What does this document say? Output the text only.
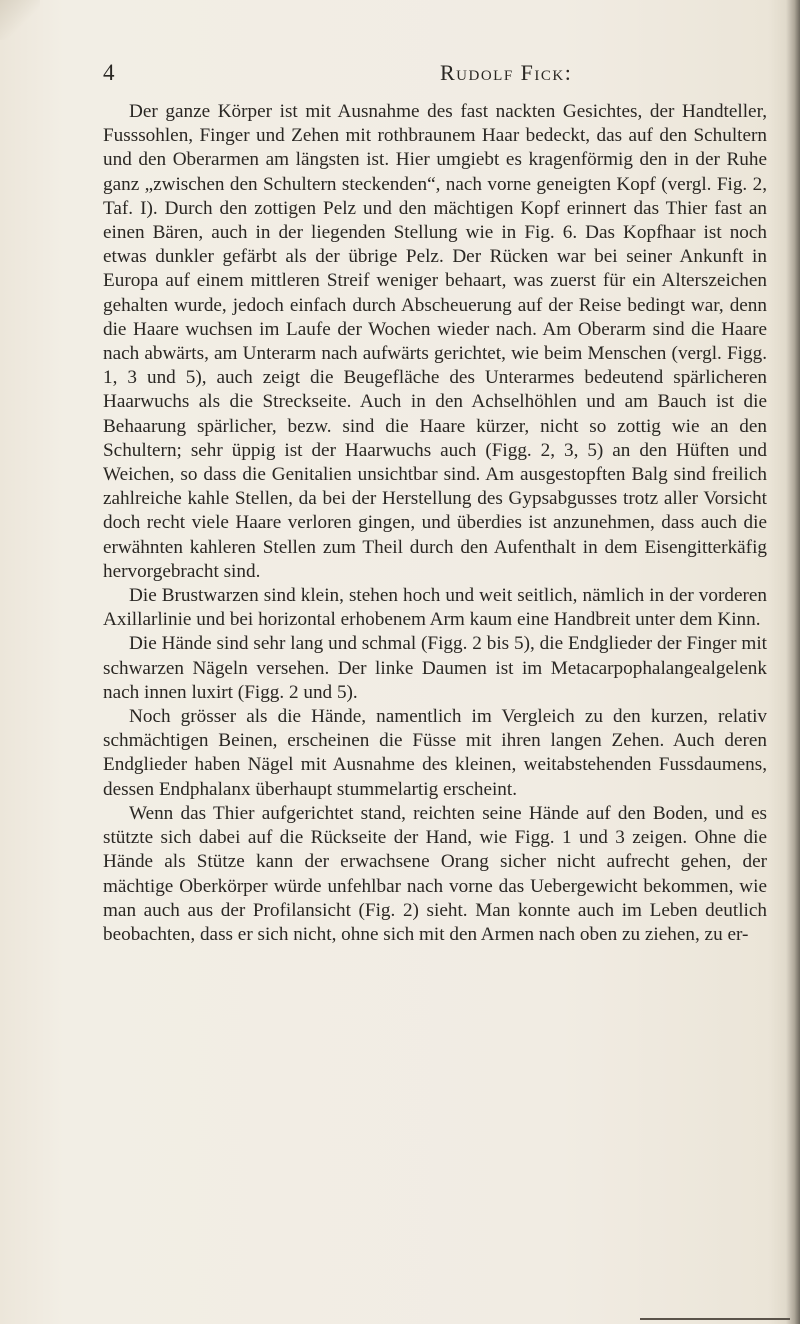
4	Rudolf Fick:

Der ganze Körper ist mit Ausnahme des fast nackten Gesichtes, der Handteller, Fusssohlen, Finger und Zehen mit rothbraunem Haar bedeckt, das auf den Schultern und den Oberarmen am längsten ist. Hier umgiebt es kragenförmig den in der Ruhe ganz „zwischen den Schultern steckenden“, nach vorne geneigten Kopf (vergl. Fig. 2, Taf. I). Durch den zottigen Pelz und den mächtigen Kopf erinnert das Thier fast an einen Bären, auch in der liegenden Stellung wie in Fig. 6. Das Kopfhaar ist noch etwas dunkler gefärbt als der übrige Pelz. Der Rücken war bei seiner Ankunft in Europa auf einem mittleren Streif weniger behaart, was zuerst für ein Alterszeichen gehalten wurde, jedoch einfach durch Abscheuerung auf der Reise bedingt war, denn die Haare wuchsen im Laufe der Wochen wieder nach. Am Oberarm sind die Haare nach abwärts, am Unterarm nach aufwärts gerichtet, wie beim Menschen (vergl. Figg. 1, 3 und 5), auch zeigt die Beugefläche des Unterarmes bedeutend spärlicheren Haarwuchs als die Streckseite. Auch in den Achselhöhlen und am Bauch ist die Behaarung spärlicher, bezw. sind die Haare kürzer, nicht so zottig wie an den Schultern; sehr üppig ist der Haarwuchs auch (Figg. 2, 3, 5) an den Hüften und Weichen, so dass die Genitalien unsichtbar sind. Am ausgestopften Balg sind freilich zahlreiche kahle Stellen, da bei der Herstellung des Gypsabgusses trotz aller Vorsicht doch recht viele Haare verloren gingen, und überdies ist anzunehmen, dass auch die erwähnten kahleren Stellen zum Theil durch den Aufenthalt in dem Eisengitterkäfig hervorgebracht sind.

Die Brustwarzen sind klein, stehen hoch und weit seitlich, nämlich in der vorderen Axillarlinie und bei horizontal erhobenem Arm kaum eine Handbreit unter dem Kinn.

Die Hände sind sehr lang und schmal (Figg. 2 bis 5), die Endglieder der Finger mit schwarzen Nägeln versehen. Der linke Daumen ist im Metacarpophalangealgelenk nach innen luxirt (Figg. 2 und 5).

Noch grösser als die Hände, namentlich im Vergleich zu den kurzen, relativ schmächtigen Beinen, erscheinen die Füsse mit ihren langen Zehen. Auch deren Endglieder haben Nägel mit Ausnahme des kleinen, weitabstehenden Fussdaumens, dessen Endphalanx überhaupt stummelartig erscheint.

Wenn das Thier aufgerichtet stand, reichten seine Hände auf den Boden, und es stützte sich dabei auf die Rückseite der Hand, wie Figg. 1 und 3 zeigen. Ohne die Hände als Stütze kann der erwachsene Orang sicher nicht aufrecht gehen, der mächtige Oberkörper würde unfehlbar nach vorne das Uebergewicht bekommen, wie man auch aus der Profilansicht (Fig. 2) sieht. Man konnte auch im Leben deutlich beobachten, dass er sich nicht, ohne sich mit den Armen nach oben zu ziehen, zu er-
